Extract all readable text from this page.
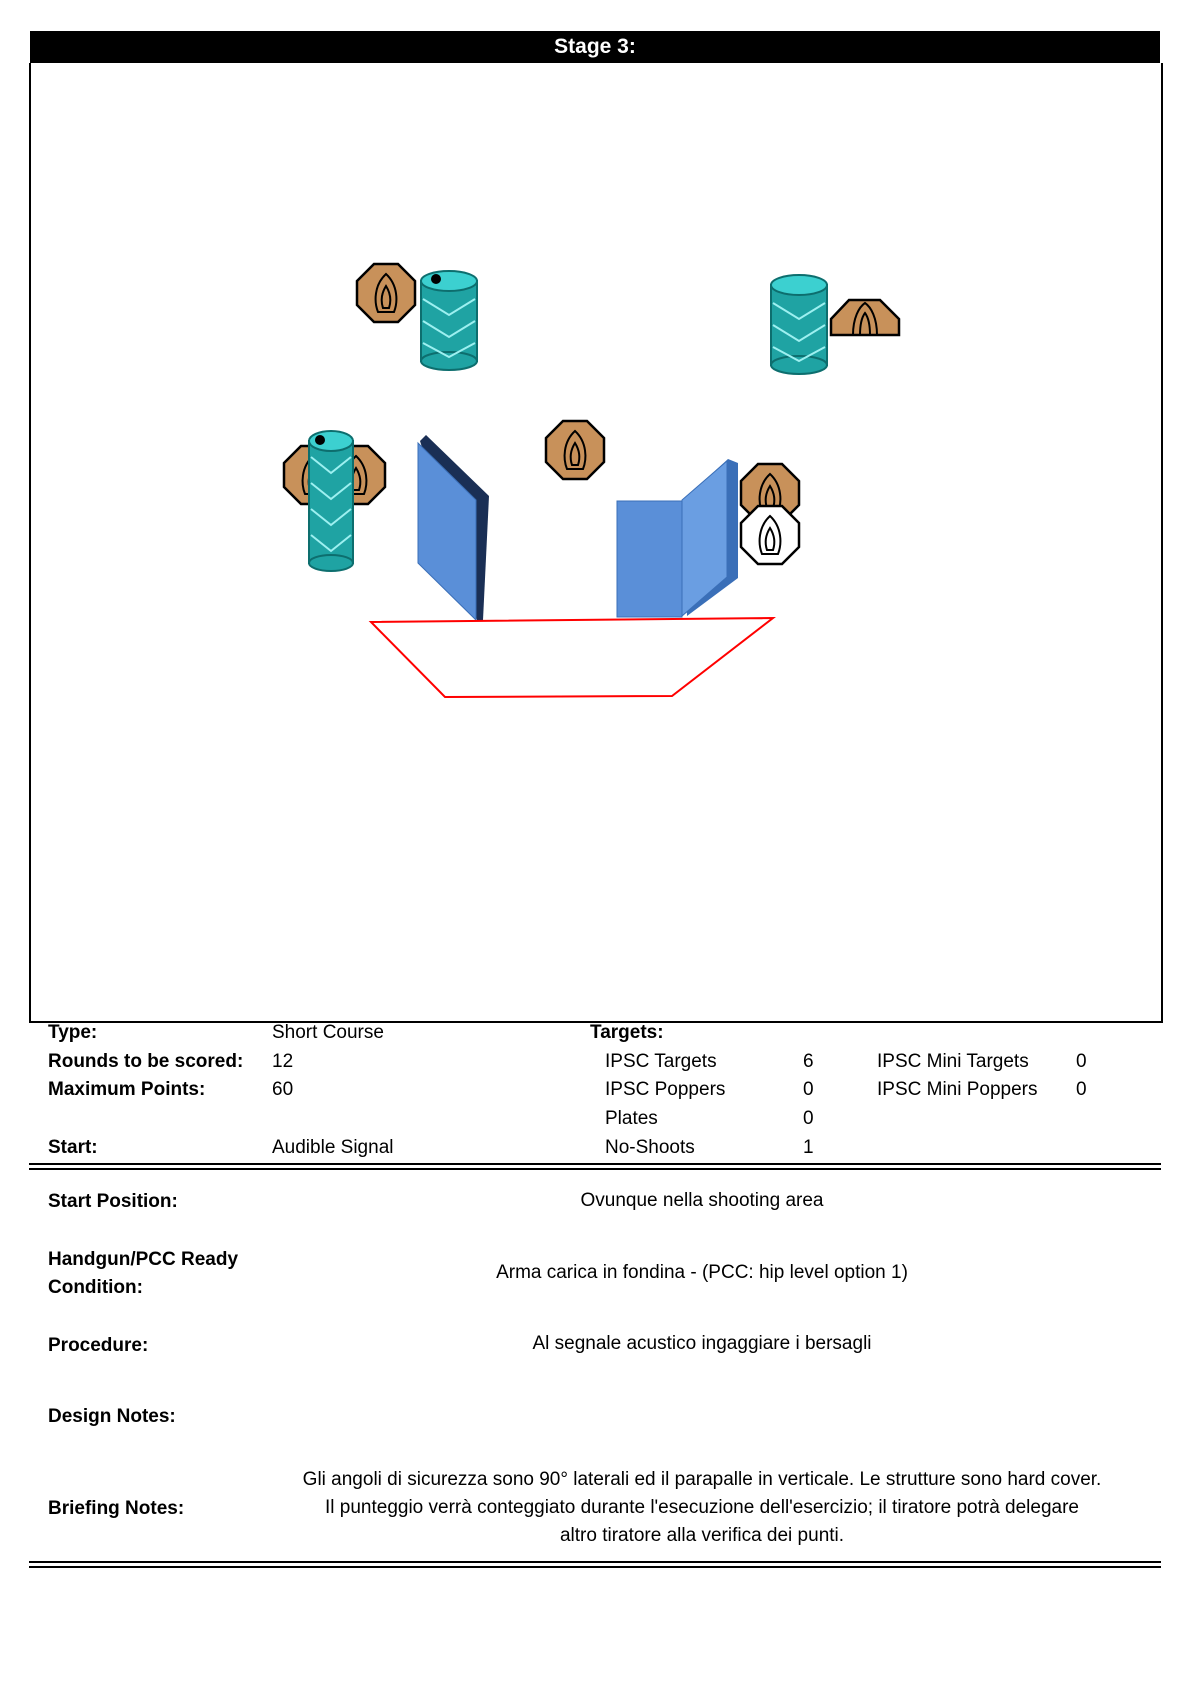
Stage 3:
Type:	Short Course
Rounds to be scored: 12
Maximum Points:	60
Start:	Audible Signal
Targets:
IPSC Targets	6	IPSC Mini Targets 0
IPSC Poppers	0	IPSC Mini Poppers 0
Plates	0
No-Shoots	1
Start Position:	Ovunque nella shooting area
Handgun/PCC Ready
Condition:
Arma carica in fondina - (PCC: hip level option 1)
Procedure:	Al segnale acustico ingaggiare i bersagli
Design Notes:
Briefing Notes:
Gli angoli di sicurezza sono 90° laterali ed il parapalle in verticale. Le strutture sono hard cover.
Il punteggio verrà conteggiato durante l'esecuzione dell'esercizio; il tiratore potrà delegare
altro tiratore alla verifica dei punti.
